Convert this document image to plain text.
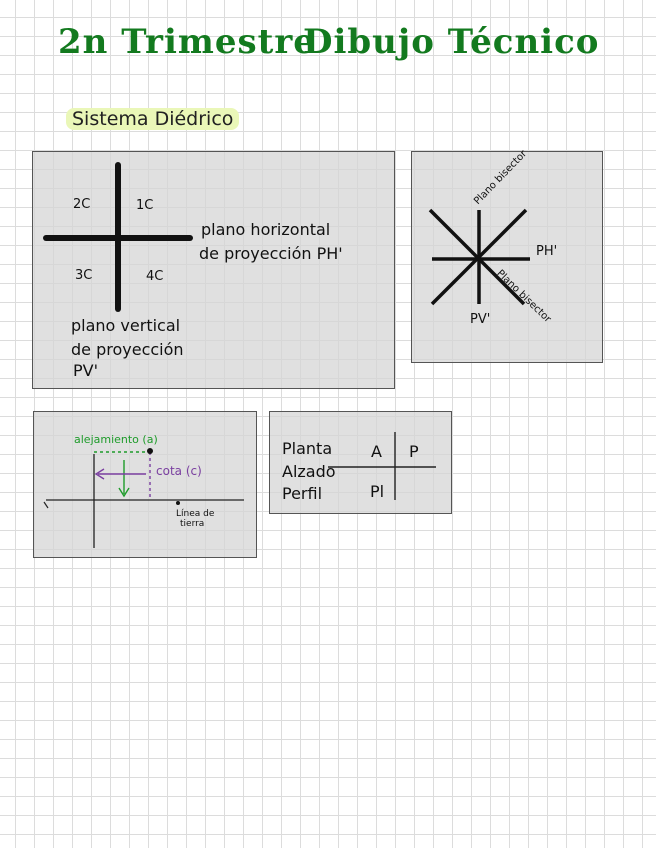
2n Trimestre
Dibujo Técnico
Sistema Diédrico
2C	1C
3C	4C
plano horizontal
de proyección PH'
plano vertical
de proyección
PV'
Plano bisector
Plano bisector
PH'
PV'
alejamiento (a)
cota (c)
Línea de
tierra
Planta
Alzado
Perfil
A P
Pl
